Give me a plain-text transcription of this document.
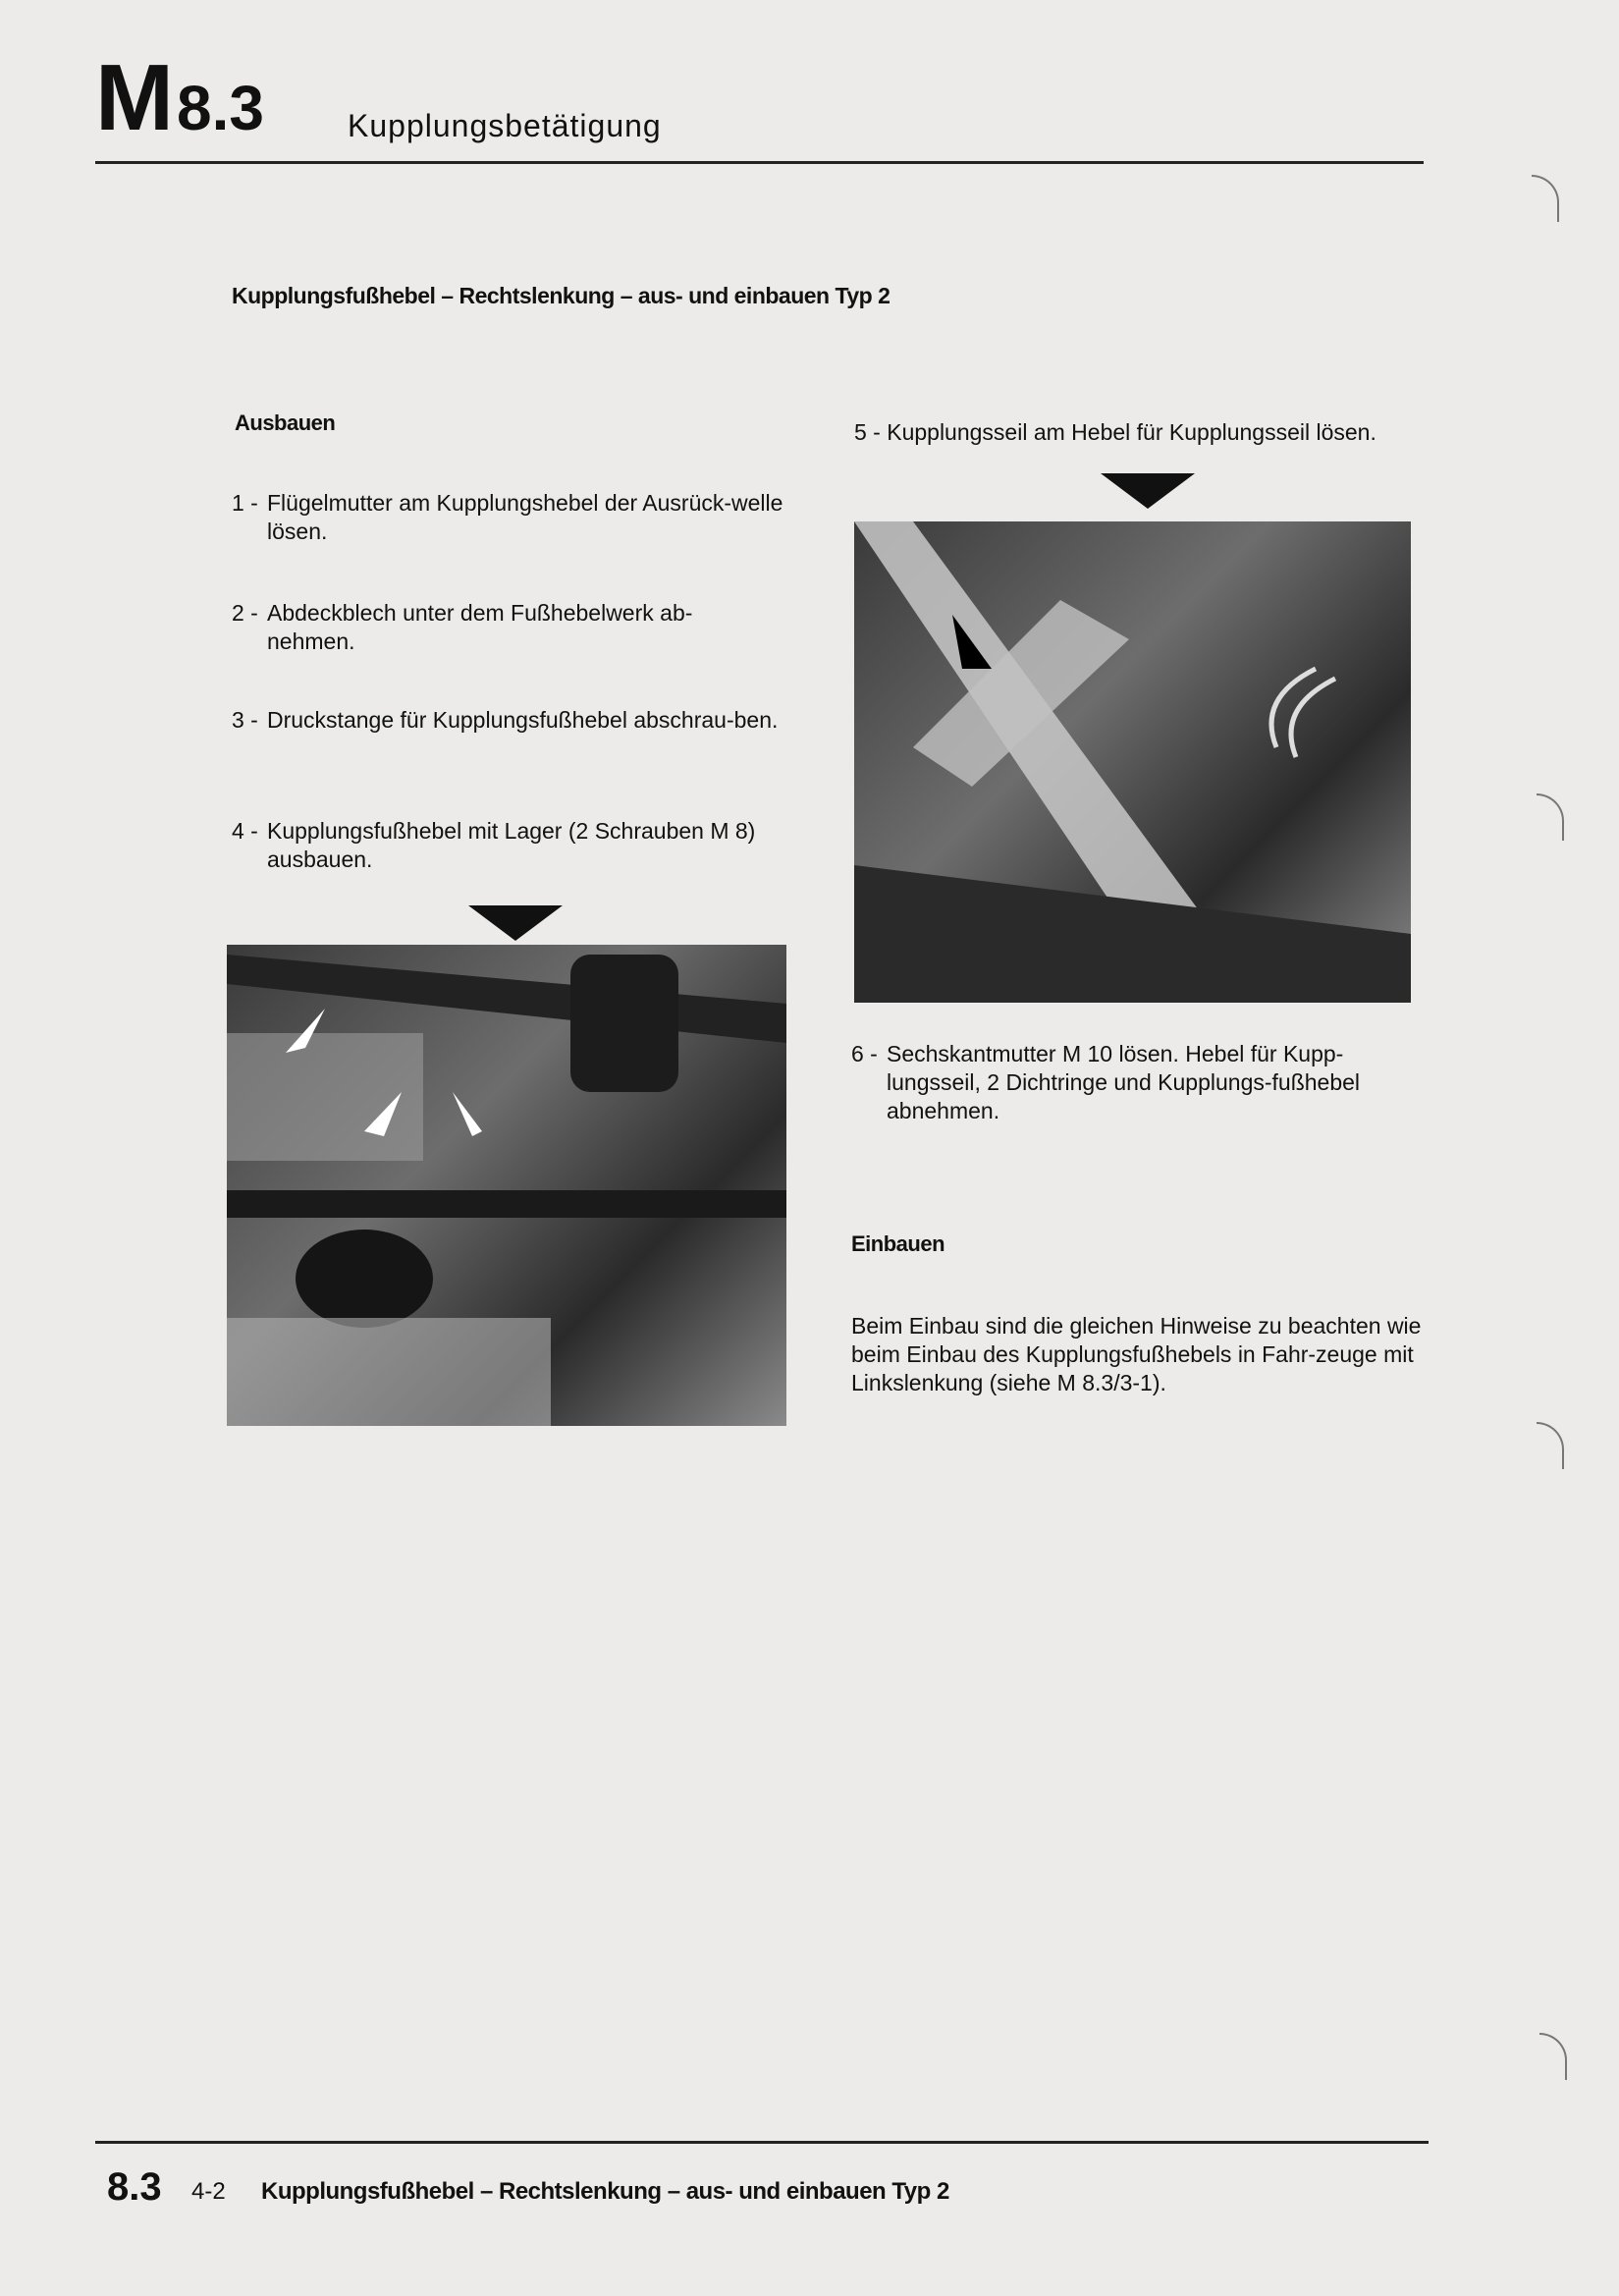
M 8.3	Kupplungsbetätigung
Kupplungsfußhebel – Rechtslenkung – aus- und einbauen Typ 2
Ausbauen
1 - Flügelmutter am Kupplungshebel der Ausrück-welle lösen.
2 - Abdeckblech unter dem Fußhebelwerk ab-nehmen.
3 - Druckstange für Kupplungsfußhebel abschrau-ben.
4 - Kupplungsfußhebel mit Lager (2 Schrauben M 8) ausbauen.
5 - Kupplungsseil am Hebel für Kupplungsseil lösen.
6 - Sechskantmutter M 10 lösen. Hebel für Kupp-lungsseil, 2 Dichtringe und Kupplungs-fußhebel abnehmen.
Einbauen
Beim Einbau sind die gleichen Hinweise zu beachten wie beim Einbau des Kupplungsfußhebels in Fahr-zeuge mit Linkslenkung (siehe M 8.3/3-1).
8.3 4-2 Kupplungsfußhebel – Rechtslenkung – aus- und einbauen Typ 2
